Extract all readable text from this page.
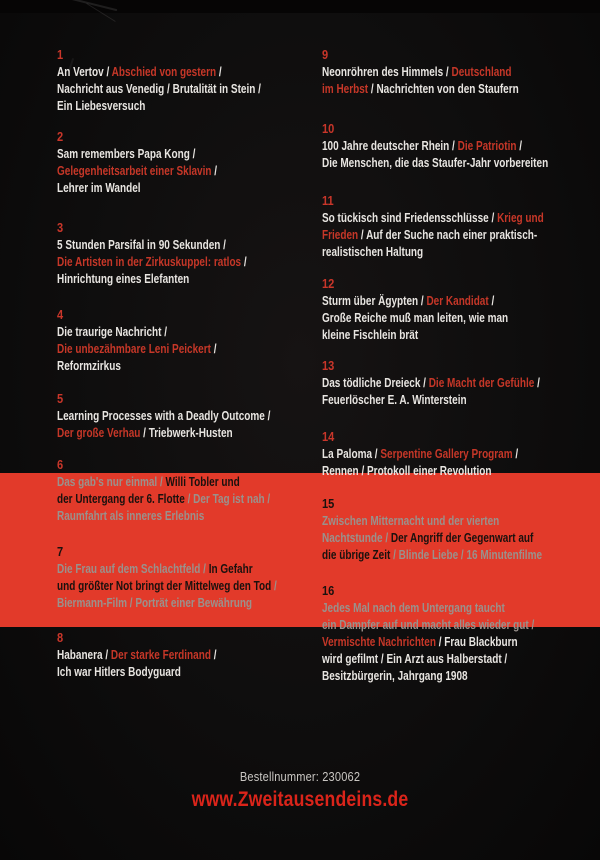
1
An Vertov / Abschied von gestern /
Nachricht aus Venedig / Brutalität in Stein /
Ein Liebesversuch
2
Sam remembers Papa Kong /
Gelegenheitsarbeit einer Sklavin /
Lehrer im Wandel
3
5 Stunden Parsifal in 90 Sekunden /
Die Artisten in der Zirkuskuppel: ratlos /
Hinrichtung eines Elefanten
4
Die traurige Nachricht /
Die unbezähmbare Leni Peickert /
Reformzirkus
5
Learning Processes with a Deadly Outcome /
Der große Verhau / Triebwerk-Husten
6
Das gab's nur einmal / Willi Tobler und
der Untergang der 6. Flotte / Der Tag ist nah /
Raumfahrt als inneres Erlebnis
7
Die Frau auf dem Schlachtfeld / In Gefahr
und größter Not bringt der Mittelweg den Tod /
Biermann-Film / Porträt einer Bewährung
8
Habanera / Der starke Ferdinand /
Ich war Hitlers Bodyguard
9
Neonröhren des Himmels / Deutschland
im Herbst / Nachrichten von den Staufern
10
100 Jahre deutscher Rhein / Die Patriotin /
Die Menschen, die das Staufer-Jahr vorbereiten
11
So tückisch sind Friedensschlüsse / Krieg und
Frieden / Auf der Suche nach einer praktisch-
realistischen Haltung
12
Sturm über Ägypten / Der Kandidat /
Große Reiche muß man leiten, wie man
kleine Fischlein brät
13
Das tödliche Dreieck / Die Macht der Gefühle /
Feuerlöscher E. A. Winterstein
14
La Paloma / Serpentine Gallery Program /
Rennen / Protokoll einer Revolution
15
Zwischen Mitternacht und der vierten
Nachtstunde / Der Angriff der Gegenwart auf
die übrige Zeit / Blinde Liebe / 16 Minutenfilme
16
Jedes Mal nach dem Untergang taucht
ein Dampfer auf und macht alles wieder gut /
Vermischte Nachrichten / Frau Blackburn
wird gefilmt / Ein Arzt aus Halberstadt /
Besitzbürgerin, Jahrgang 1908
Bestellnummer: 230062
www.Zweitausendeins.de
